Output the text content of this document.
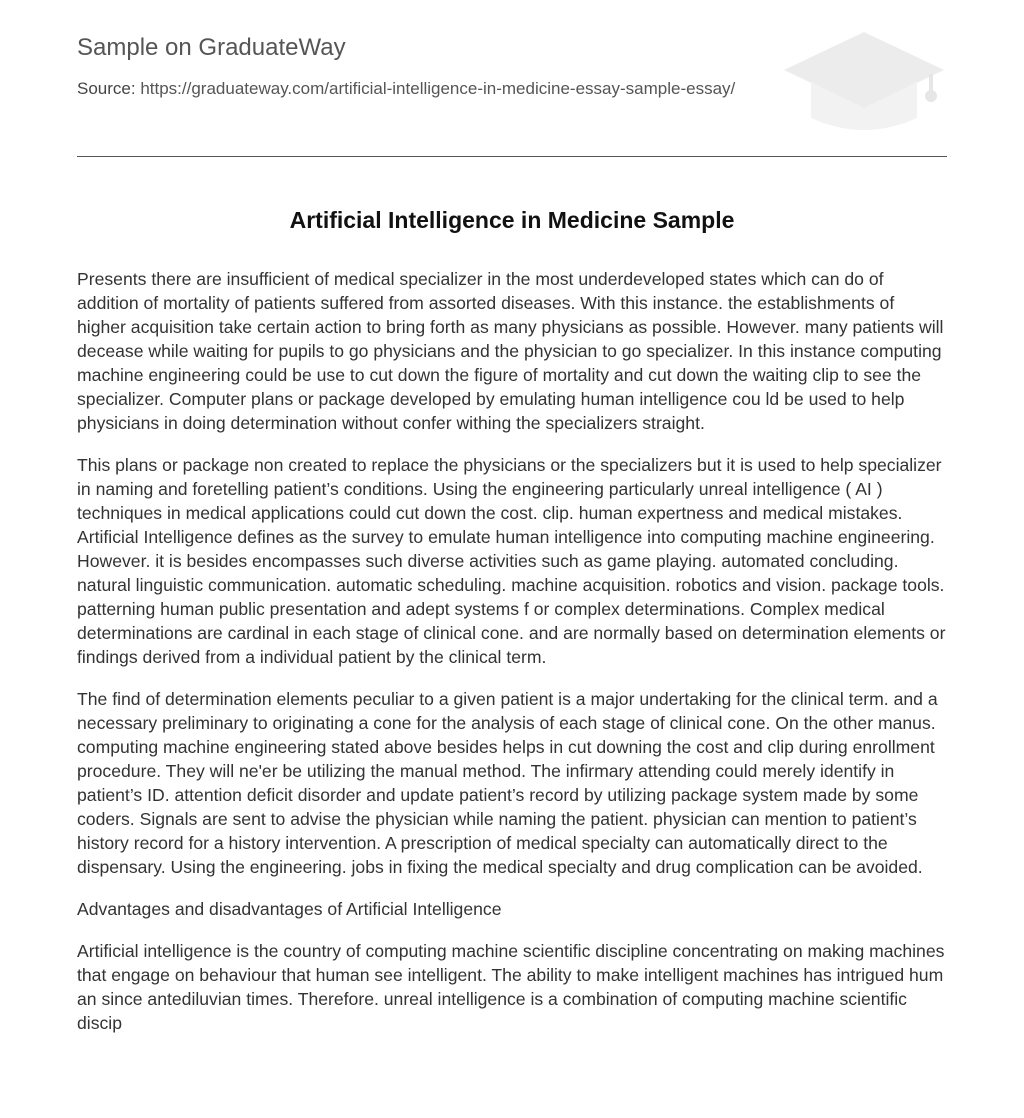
Sample on GraduateWay
Source: https://graduateway.com/artificial-intelligence-in-medicine-essay-sample-essay/
Artificial Intelligence in Medicine Sample

Presents there are insufficient of medical specializer in the most underdeveloped states which can do of addition of mortality of patients suffered from assorted diseases. With this instance. the establishments of higher acquisition take certain action to bring forth as many physicians as possible. However. many patients will decease while waiting for pupils to go physicians and the physician to go specializer. In this instance computing machine engineering could be use to cut down the figure of mortality and cut down the waiting clip to see the specializer. Computer plans or package developed by emulating human intelligence cou ld be used to help physicians in doing determination without confer withing the specializers straight.

This plans or package non created to replace the physicians or the specializers but it is used to help specializer in naming and foretelling patient’s conditions. Using the engineering particularly unreal intelligence ( AI ) techniques in medical applications could cut down the cost. clip. human expertness and medical mistakes. Artificial Intelligence defines as the survey to emulate human intelligence into computing machine engineering. However. it is besides encompasses such diverse activities such as game playing. automated concluding. natural linguistic communication. automatic scheduling. machine acquisition. robotics and vision. package tools. patterning human public presentation and adept systems f or complex determinations. Complex medical determinations are cardinal in each stage of clinical cone. and are normally based on determination elements or findings derived from a individual patient by the clinical term.

The find of determination elements peculiar to a given patient is a major undertaking for the clinical term. and a necessary preliminary to originating a cone for the analysis of each stage of clinical cone. On the other manus. computing machine engineering stated above besides helps in cut downing the cost and clip during enrollment procedure. They will ne'er be utilizing the manual method. The infirmary attending could merely identify in patient’s ID. attention deficit disorder and update patient’s record by utilizing package system made by some coders. Signals are sent to advise the physician while naming the patient. physician can mention to patient’s history record for a history intervention. A prescription of medical specialty can automatically direct to the dispensary. Using the engineering. jobs in fixing the medical specialty and drug complication can be avoided.

Advantages and disadvantages of Artificial Intelligence

Artificial intelligence is the country of computing machine scientific discipline concentrating on making machines that engage on behaviour that human see intelligent. The ability to make intelligent machines has intrigued hum an since antediluvian times. Therefore. unreal intelligence is a combination of computing machine scientific discip
